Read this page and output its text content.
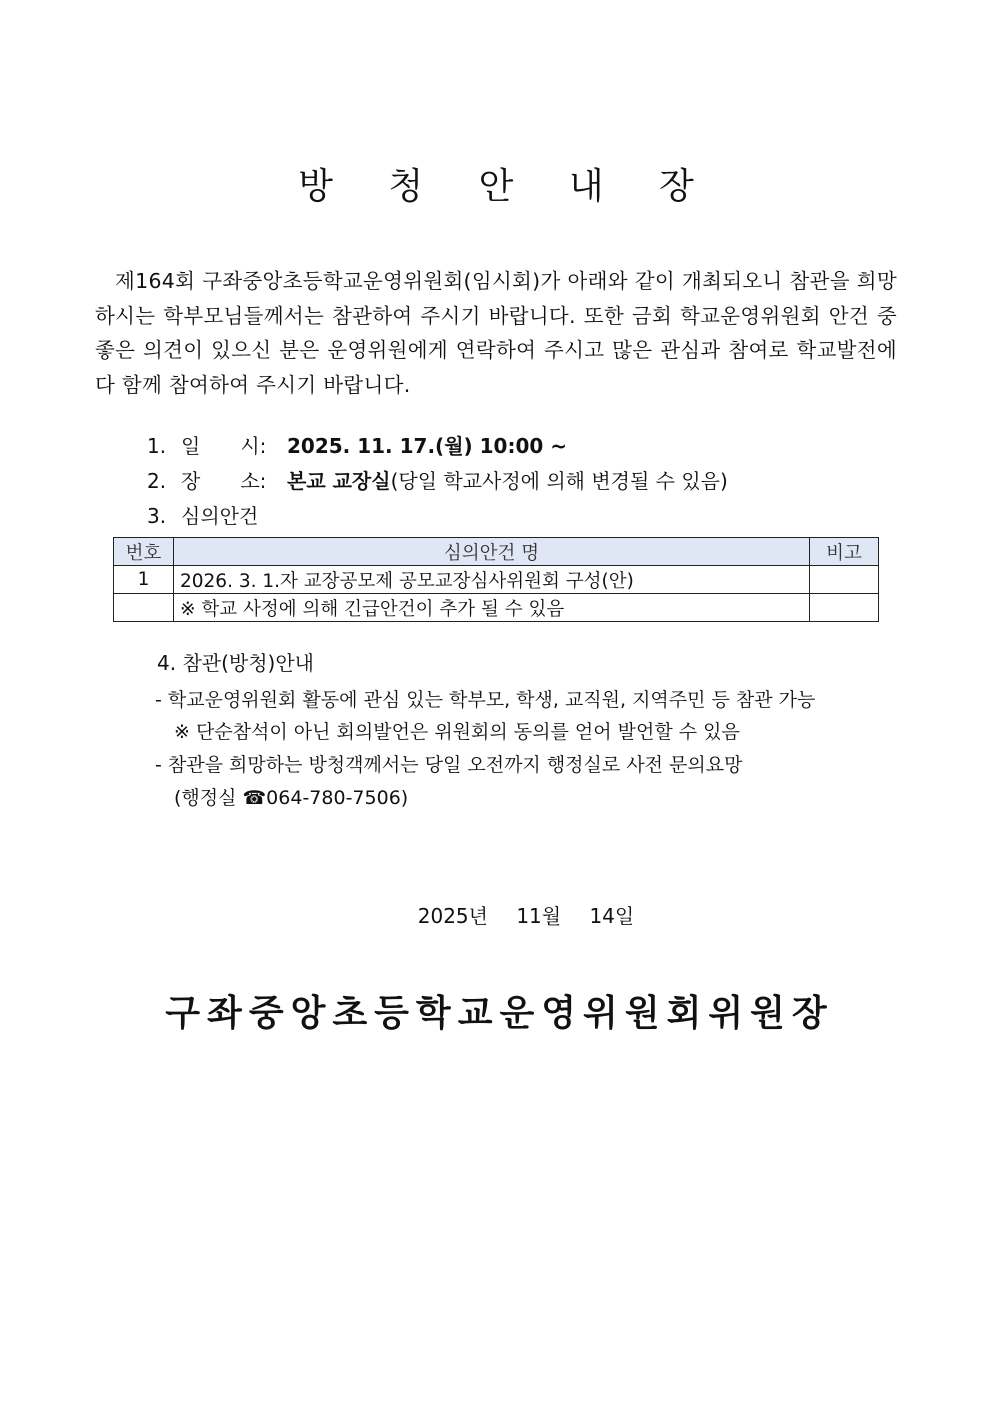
방 청 안 내 장
제164회 구좌중앙초등학교운영위원회(임시회)가 아래와 같이 개최되오니 참관을 희망하시는 학부모님들께서는 참관하여 주시기 바랍니다. 또한 금회 학교운영위원회 안건 중 좋은 의견이 있으신 분은 운영위원에게 연락하여 주시고 많은 관심과 참여로 학교발전에 다 함께 참여하여 주시기 바랍니다.
1. 일　　시: 2025. 11. 17.(월) 10:00 ~
2. 장　　소: 본교 교장실(당일 학교사정에 의해 변경될 수 있음)
3. 심의안건
번호	심의안건 명	비고
1	2026. 3. 1.자 교장공모제 공모교장심사위원회 구성(안)	
	※ 학교 사정에 의해 긴급안건이 추가 될 수 있음	
4. 참관(방청)안내
- 학교운영위원회 활동에 관심 있는 학부모, 학생, 교직원, 지역주민 등 참관 가능
※ 단순참석이 아닌 회의발언은 위원회의 동의를 얻어 발언할 수 있음
- 참관을 희망하는 방청객께서는 당일 오전까지 행정실로 사전 문의요망
(행정실 ☎064-780-7506)
2025년 11월 14일
구좌중앙초등학교운영위원회위원장
